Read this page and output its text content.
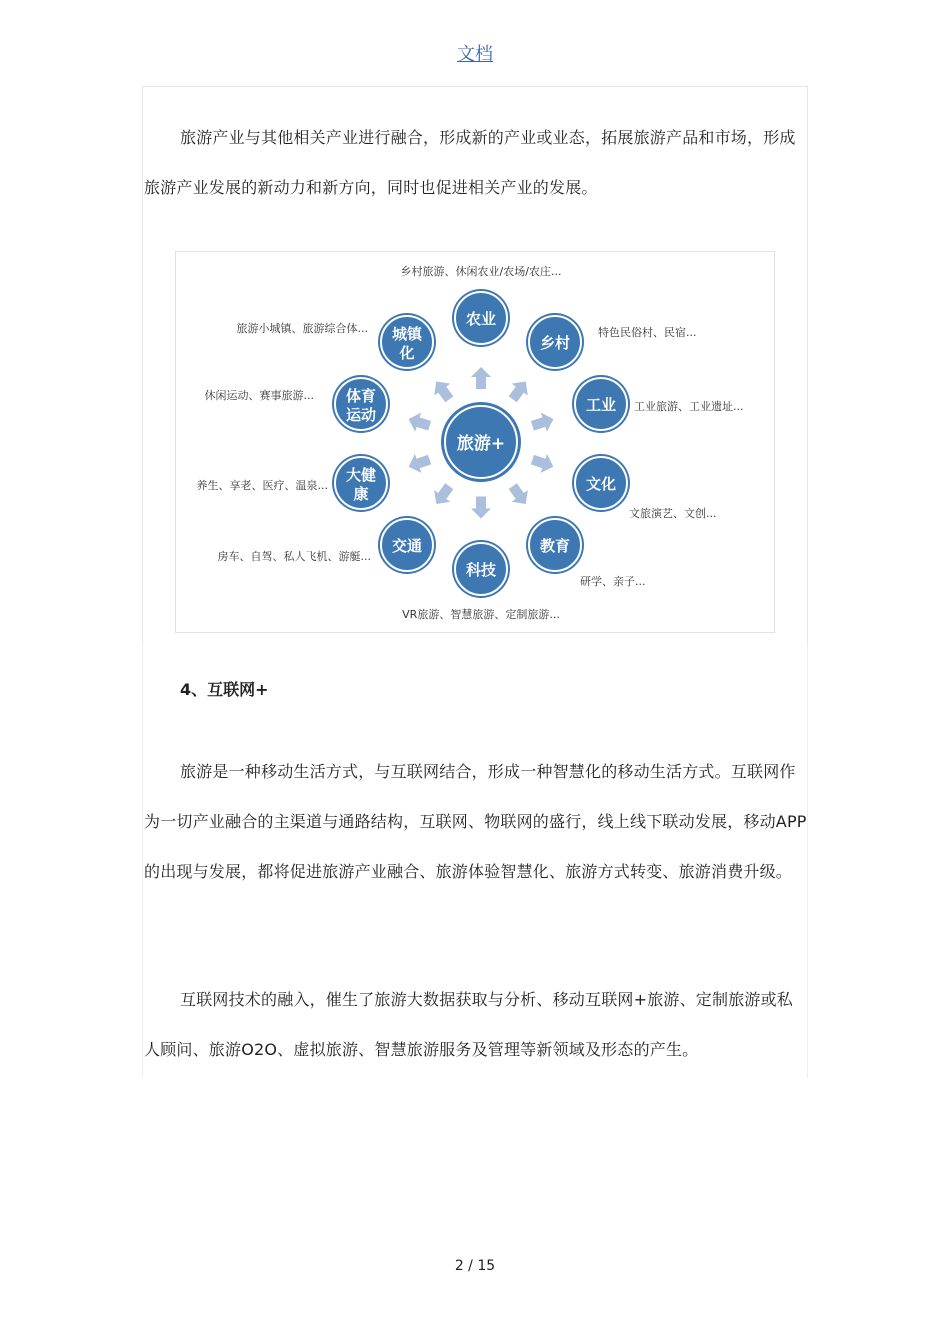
文档

旅游产业与其他相关产业进行融合，形成新的产业或业态，拓展旅游产品和市场，形成旅游产业发展的新动力和新方向，同时也促进相关产业的发展。

乡村旅游、休闲农业/农场/农庄...
特色民俗村、民宿...
工业旅游、工业遗址...
文旅演艺、文创...
研学、亲子...
VR旅游、智慧旅游、定制旅游...
房车、自驾、私人飞机、游艇...
养生、享老、医疗、温泉...
休闲运动、赛事旅游...
旅游小城镇、旅游综合体...
农业
乡村
工业
文化
教育
科技
交通
大健
康
体育
运动
城镇
化
旅游+

4、互联网+

旅游是一种移动生活方式，与互联网结合，形成一种智慧化的移动生活方式。互联网作为一切产业融合的主渠道与通路结构，互联网、物联网的盛行，线上线下联动发展，移动APP的出现与发展，都将促进旅游产业融合、旅游体验智慧化、旅游方式转变、旅游消费升级。

互联网技术的融入，催生了旅游大数据获取与分析、移动互联网+旅游、定制旅游或私人顾问、旅游O2O、虚拟旅游、智慧旅游服务及管理等新领域及形态的产生。

2 / 15
